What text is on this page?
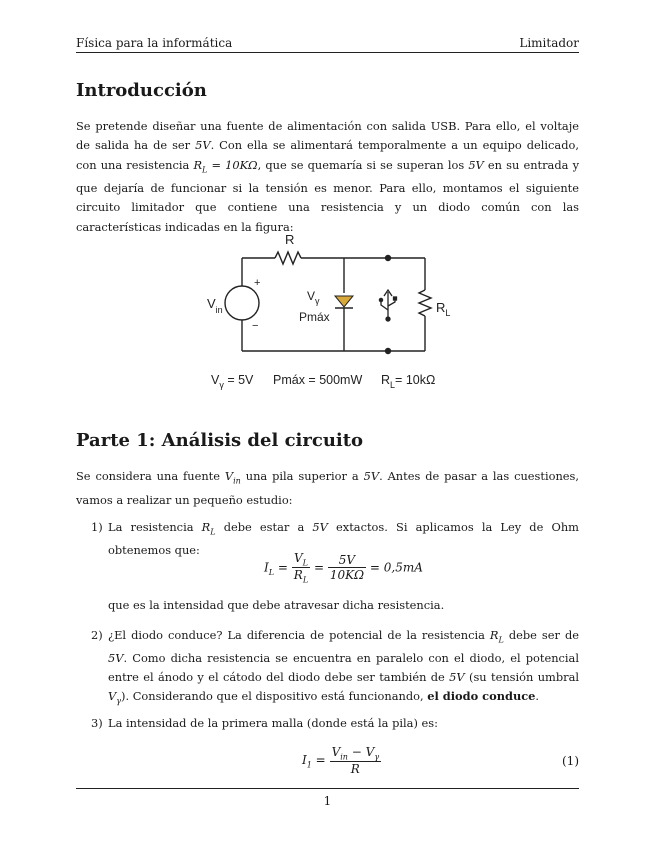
Física para la informática	Limitador
Introducción
Se pretende diseñar una fuente de alimentación con salida USB. Para ello, el voltaje de salida ha de ser 5V. Con ella se alimentará temporalmente a un equipo delicado, con una resistencia $R_L = 10K\Omega$, que se quemaría si se superan los 5V en su entrada y que dejaría de funcionar si la tensión es menor. Para ello, montamos el siguiente circuito limitador que contiene una resistencia y un diodo común con las características indicadas en la figura:
R
+
−
$V_{in}$
$V_\gamma$
Pmáx
$R_L$
$V_\gamma = 5V$ Pmáx = 500mW $R_L= 10k\Omega$
Parte 1: Análisis del circuito
Se considera una fuente $V_{in}$ una pila superior a 5V. Antes de pasar a las cuestiones, vamos a realizar un pequeño estudio:
1) La resistencia $R_L$ debe estar a 5V extactos. Si aplicamos la Ley de Ohm obtenemos que:
$I_L = \frac{V_L}{R_L} = \frac{5V}{10K\Omega} = 0,5mA$
que es la intensidad que debe atravesar dicha resistencia.
2) ¿El diodo conduce? La diferencia de potencial de la resistencia $R_L$ debe ser de 5V. Como dicha resistencia se encuentra en paralelo con el diodo, el potencial entre el ánodo y el cátodo del diodo debe ser también de 5V (su tensión umbral $V_\gamma$). Considerando que el dispositivo está funcionando, el diodo conduce.
3) La intensidad de la primera malla (donde está la pila) es:
$I_1 = \frac{V_{in} - V_\gamma}{R}$	(1)
1
